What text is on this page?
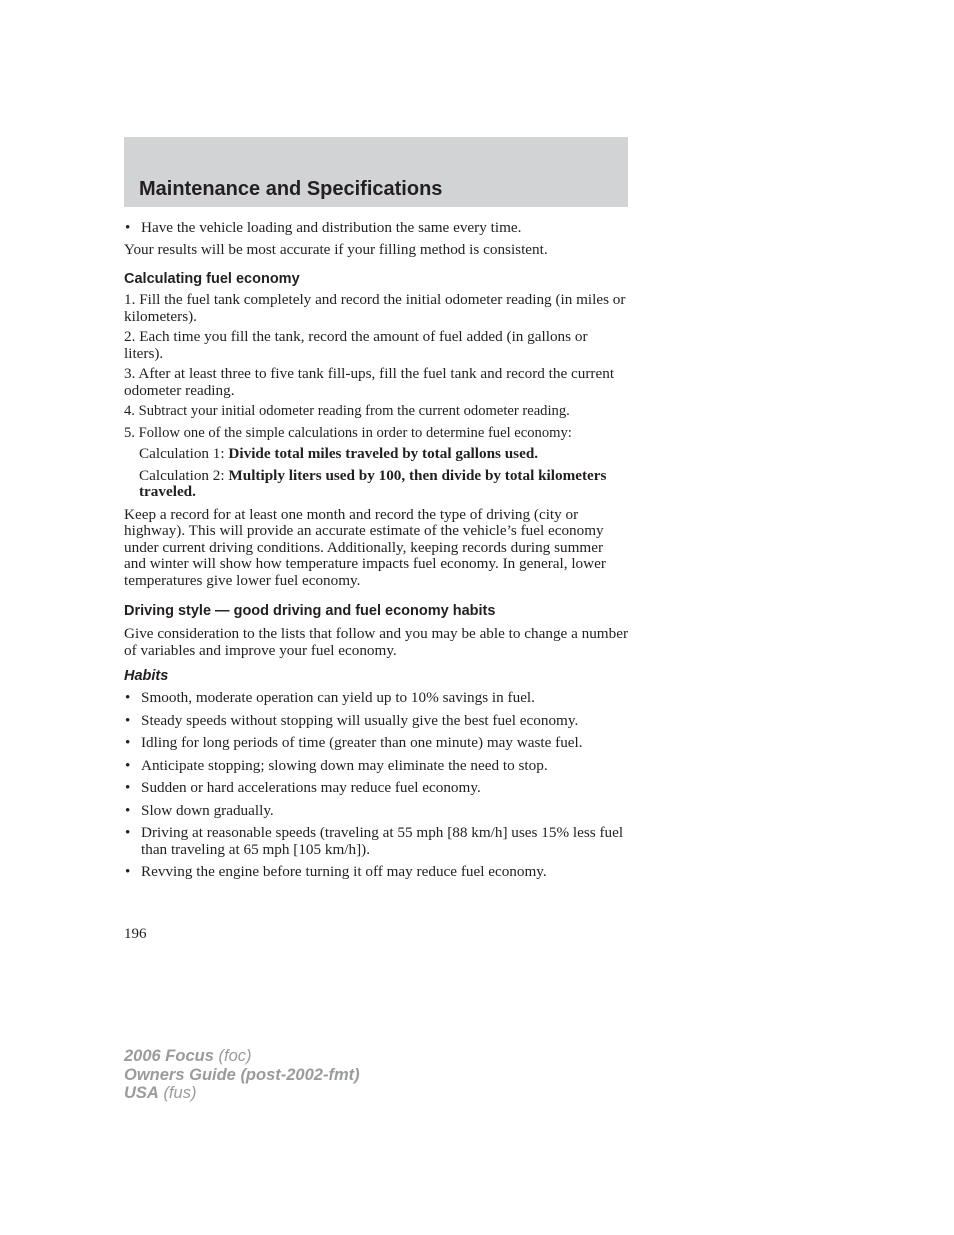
Maintenance and Specifications

• Have the vehicle loading and distribution the same every time.

Your results will be most accurate if your filling method is consistent.

Calculating fuel economy

1. Fill the fuel tank completely and record the initial odometer reading (in miles or kilometers).

2. Each time you fill the tank, record the amount of fuel added (in gallons or liters).

3. After at least three to five tank fill-ups, fill the fuel tank and record the current odometer reading.

4. Subtract your initial odometer reading from the current odometer reading.

5. Follow one of the simple calculations in order to determine fuel economy:

Calculation 1: Divide total miles traveled by total gallons used.

Calculation 2: Multiply liters used by 100, then divide by total kilometers traveled.

Keep a record for at least one month and record the type of driving (city or highway). This will provide an accurate estimate of the vehicle’s fuel economy under current driving conditions. Additionally, keeping records during summer and winter will show how temperature impacts fuel economy. In general, lower temperatures give lower fuel economy.

Driving style — good driving and fuel economy habits

Give consideration to the lists that follow and you may be able to change a number of variables and improve your fuel economy.

Habits

• Smooth, moderate operation can yield up to 10% savings in fuel.

• Steady speeds without stopping will usually give the best fuel economy.

• Idling for long periods of time (greater than one minute) may waste fuel.

• Anticipate stopping; slowing down may eliminate the need to stop.

• Sudden or hard accelerations may reduce fuel economy.

• Slow down gradually.

• Driving at reasonable speeds (traveling at 55 mph [88 km/h] uses 15% less fuel than traveling at 65 mph [105 km/h]).

• Revving the engine before turning it off may reduce fuel economy.

196
2006 Focus (foc)
Owners Guide (post-2002-fmt)
USA (fus)
